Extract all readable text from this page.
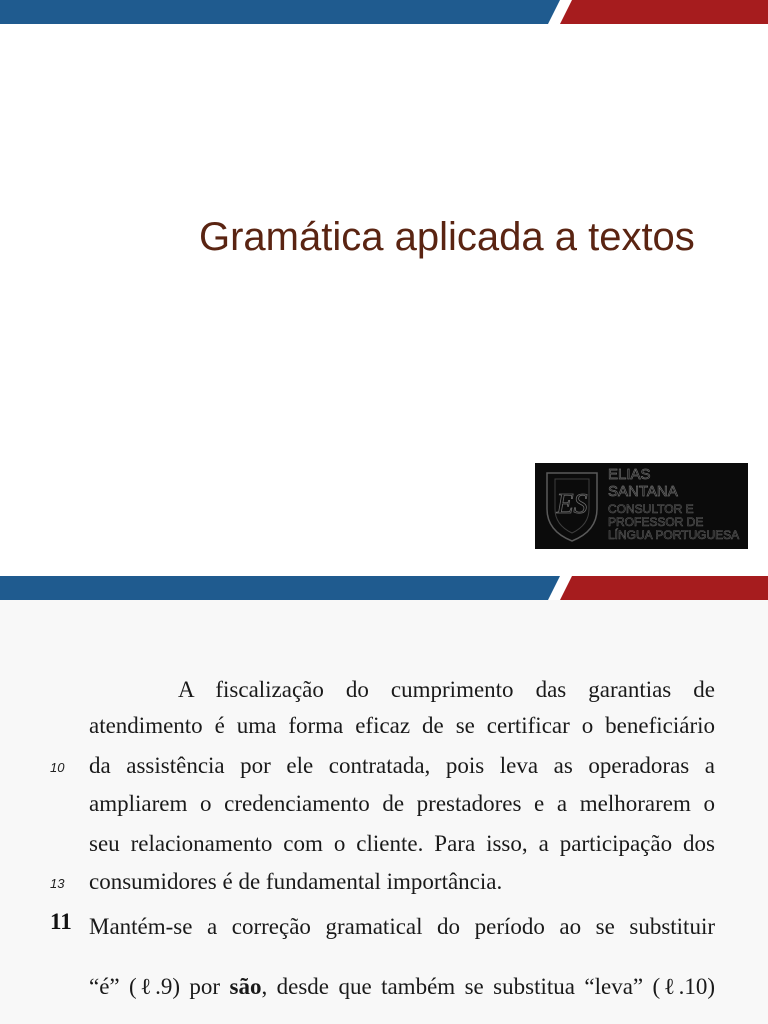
Gramática aplicada a textos
ES
ELIAS
SANTANA
CONSULTOR E
PROFESSOR DE
LÍNGUA PORTUGUESA
A fiscalização do cumprimento das garantias de
atendimento é uma forma eficaz de se certificar o beneficiário
10 da assistência por ele contratada, pois leva as operadoras a
ampliarem o credenciamento de prestadores e a melhorarem o
seu relacionamento com o cliente. Para isso, a participação dos
13 consumidores é de fundamental importância.
11 Mantém-se a correção gramatical do período ao se substituir
“é” (ℓ.9) por são, desde que também se substitua “leva” (ℓ.10)
